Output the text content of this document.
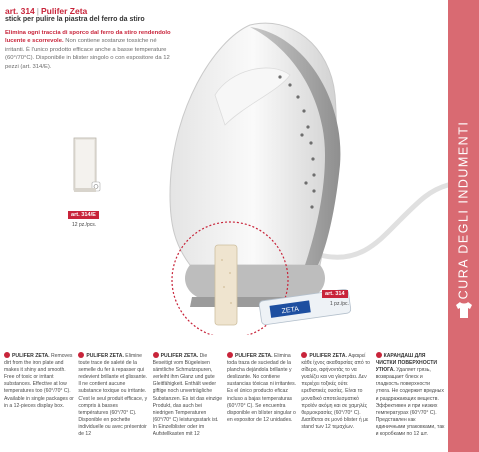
art. 314 | Pulifer Zeta
stick per pulire la piastra del ferro da stiro
Elimina ogni traccia di sporco dal ferro da stiro rendendolo lucente e scorrevole. Non contiene sostanze tossiche né irritanti. È l'unico prodotto efficace anche a basse temperature (60°/70°C). Disponibile in blister singolo o con espositore da 12 pezzi (art. 314/E).
art. 314/E
12 pz./pcs.
ZETA
art. 314
1 pz./pc.
CURA DEGLI INDUMENTI
PULIFER ZETA. Removes dirt from the iron plate and makes it shiny and smooth. Free of toxic or irritant substances. Effective at low temperatures too (60°/70° C). Available in single packages or in a 12-pieces display box.
PULIFER ZETA. Elimine toute trace de saleté de la semelle du fer à repasser qui redevient brillante et glissante. Il ne contient aucune substance toxique ou irritante. C'est le seul produit efficace, y compris à basses températures (60°/70° C). Disponible en pochette individuelle ou avec présentoir de 12
PULIFER ZETA. Die Beseitigt vom Bügeleisen sämtliche Schmutzspuren, verleiht ihm Glanz und gute Gleitfähigkeit. Enthält weder giftige noch unverträgliche Substanzen. Es ist das einzige Produkt, das auch bei niedrigen Temperaturen (60°/70° C) leistungsstark ist. In Einzelblister oder im Aufstellkasten mit 12
PULIFER ZETA. Elimina toda traza de suciedad de la plancha dejándola brillante y deslizante. No contiene sustancias tóxicas ni irritantes. Es el único producto eficaz incluso a bajas temperaturas (60°/70° C). Se encuentra disponible en blíster singular o en expositor de 12 unidades.
PULIFER ZETA. Αφαιρεί κάθε ίχνος ακαθαρσίας από το σίδερο, αφήνοντάς το να γυαλίζει και να γλιστράει. Δεν περιέχει τοξικές ούτε ερεθιστικές ουσίες. Είναι το μοναδικό αποτελεσματικό προϊόν ακόμη και σε χαμηλές θερμοκρασίες (60°/70° C). Διατίθεται σε μονό blister ή με stand των 12 τεμαχίων.
КАРАНДАШ ДЛЯ ЧИСТКИ ПОВЕРХНОСТИ УТЮГА. Удаляет грязь, возвращает блеск и гладкость поверхности утюга. Не содержит вредных и раздражающих веществ. Эффективен и при низких температурах (60°/70° C). Представлен как единичными упаковками, так и коробками по 12 шт.
